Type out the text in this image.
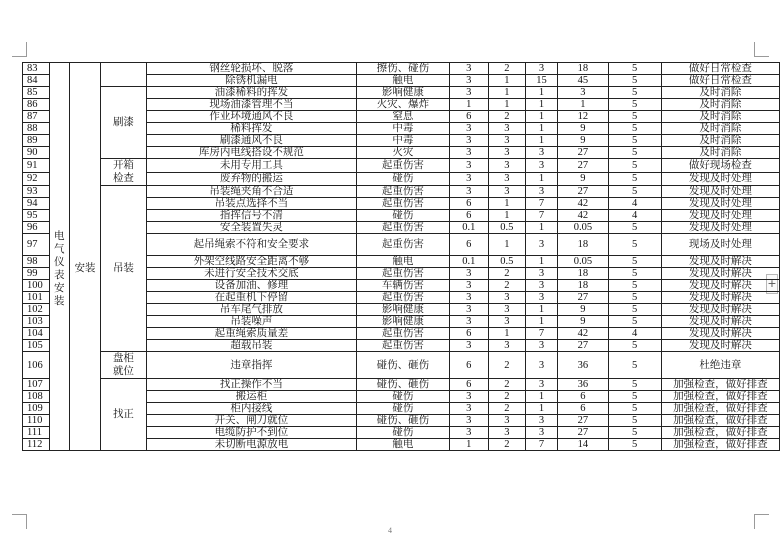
+
83	电气仪表安装	安装		钢丝轮损坏、脱落	擦伤、碰伤	3	2	3	18	5	做好日常检查
84				除锈机漏电	触电	3	1	15	45	5	做好日常检查
85			刷漆	油漆稀料的挥发	影响健康	3	1	1	3	5	及时消除
86				现场油漆管理不当	火灾、爆炸	1	1	1	1	5	及时消除
87				作业环境通风不良	窒息	6	2	1	12	5	及时消除
88				稀料挥发	中毒	3	3	1	9	5	及时消除
89				刷漆通风不良	中毒	3	3	1	9	5	及时消除
90				库房内电线搭设不规范	火灾	3	3	3	27	5	及时消除
91			开箱检查	未用专用工具	起重伤害	3	3	3	27	5	做好现场检查
92				废弃物的搬运	碰伤	3	3	1	9	5	发现及时处理
93			吊装	吊装绳夹角不合适	起重伤害	3	3	3	27	5	发现及时处理
94				吊装点选择不当	起重伤害	6	1	7	42	4	发现及时处理
95				指挥信号不清	碰伤	6	1	7	42	4	发现及时处理
96				安全装置失灵	起重伤害	0.1	0.5	1	0.05	5	发现及时处理
97				起吊绳索不符和安全要求	起重伤害	6	1	3	18	5	现场及时处理
98				外架空线路安全距离不够	触电	0.1	0.5	1	0.05	5	发现及时解决
99				未进行安全技术交底	起重伤害	3	2	3	18	5	发现及时解决
100				设备加油、修理	车辆伤害	3	2	3	18	5	发现及时解决
101				在起重机下停留	起重伤害	3	3	3	27	5	发现及时解决
102				吊车尾气排放	影响健康	3	3	1	9	5	发现及时解决
103				吊装噪声	影响健康	3	3	1	9	5	发现及时解决
104				起重绳索质量差	起重伤害	6	1	7	42	4	发现及时解决
105				超载吊装	起重伤害	3	3	3	27	5	发现及时解决
106			盘柜就位	违章指挥	碰伤、砸伤	6	2	3	36	5	杜绝违章
107			找正	找正操作不当	碰伤、砸伤	6	2	3	36	5	加强检查，做好排查
108				搬运柜	碰伤	3	2	1	6	5	加强检查，做好排查
109				柜内接线	碰伤	3	2	1	6	5	加强检查，做好排查
110				开关、闸刀就位	碰伤、砸伤	3	3	3	27	5	加强检查，做好排查
111				电缆防护不到位	碰伤	3	3	3	27	5	加强检查，做好排查
112				未切断电源放电	触电	1	2	7	14	5	加强检查，做好排查
4
